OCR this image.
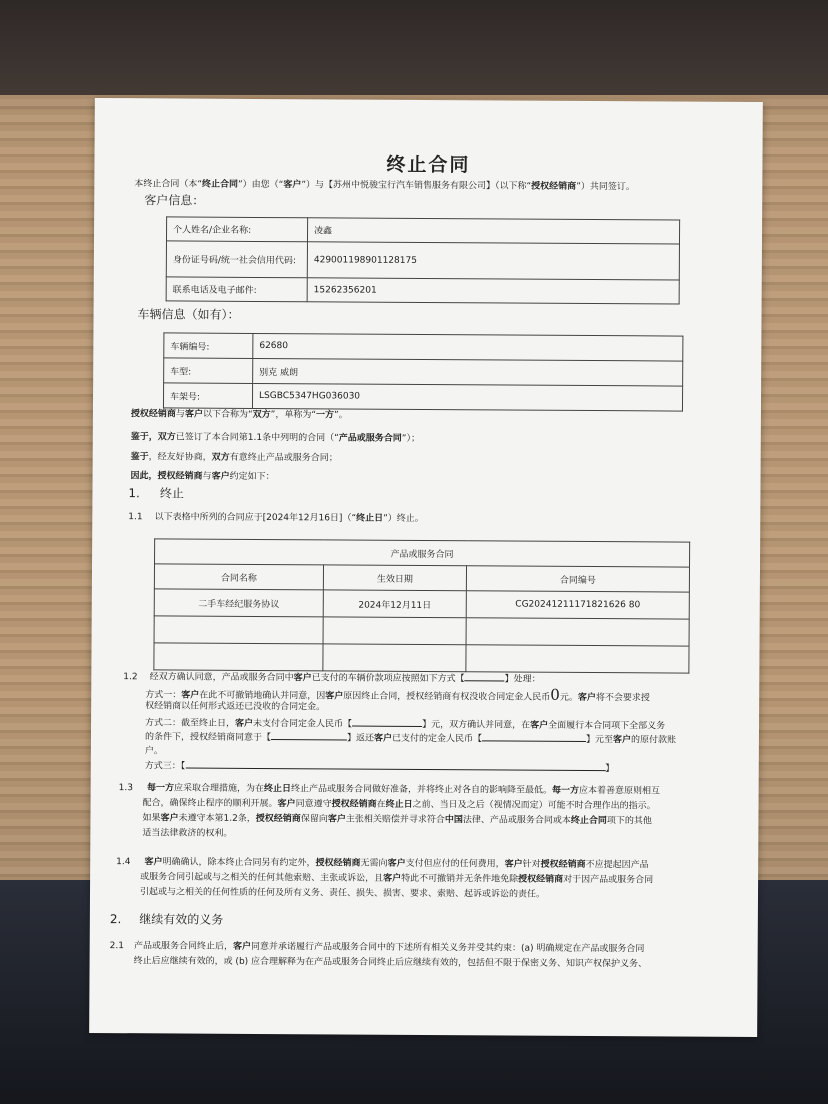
终止合同
本终止合同（本“终止合同”）由您（“客户”）与【苏州中悦骏宝行汽车销售服务有限公司】（以下称“授权经销商”）共同签订。
客户信息：
个人姓名/企业名称:	凌鑫
身份证号码/统一社会信用代码:	429001198901128175
联系电话及电子邮件:	15262356201
车辆信息（如有）：
车辆编号:	62680
车型:	别克 威朗
车架号:	LSGBC5347HG036030
授权经销商与客户以下合称为“双方”，单称为“一方”。
鉴于，双方已签订了本合同第1.1条中列明的合同（“产品或服务合同”）；
鉴于，经友好协商，双方有意终止产品或服务合同；
因此，授权经销商与客户约定如下：
1. 终止
1.1 以下表格中所列的合同应于[2024年12月16日]（“终止日”）终止。
产品或服务合同		
合同名称	生效日期	合同编号
二手车经纪服务协议	2024年12月11日	CG20241211171821626 80

1.2 经双方确认同意，产品或服务合同中客户已支付的车辆价款项应按照如下方式【	】处理：
方式一：客户在此不可撤销地确认并同意，因客户原因终止合同，授权经销商有权没收合同定金人民币0元。客户将不会要求授
权经销商以任何形式返还已没收的合同定金。
方式二：截至终止日，客户未支付合同定金人民币【	】元，双方确认并同意，在客户全面履行本合同项下全部义务
的条件下，授权经销商同意于【	】返还客户已支付的定金人民币【	】元至客户的原付款账
户。
方式三：【	】
1.3 每一方应采取合理措施，为在终止日终止产品或服务合同做好准备，并将终止对各自的影响降至最低。每一方应本着善意原则相互
配合，确保终止程序的顺利开展。客户同意遵守授权经销商在终止日之前、当日及之后（视情况而定）可能不时合理作出的指示。
如果客户未遵守本第1.2条，授权经销商保留向客户主张相关赔偿并寻求符合中国法律、产品或服务合同或本终止合同项下的其他
适当法律救济的权利。
1.4 客户明确确认，除本终止合同另有约定外，授权经销商无需向客户支付但应付的任何费用，客户针对授权经销商不应提起因产品
或服务合同引起或与之相关的任何其他索赔、主张或诉讼，且客户特此不可撤销并无条件地免除授权经销商对于因产品或服务合同
引起或与之相关的任何性质的任何及所有义务、责任、损失、损害、要求、索赔、起诉或诉讼的责任。
2. 继续有效的义务
2.1 产品或服务合同终止后，客户同意并承诺履行产品或服务合同中的下述所有相关义务并受其约束：(a) 明确规定在产品或服务合同
终止后应继续有效的，或 (b) 应合理解释为在产品或服务合同终止后应继续有效的，包括但不限于保密义务、知识产权保护义务、
